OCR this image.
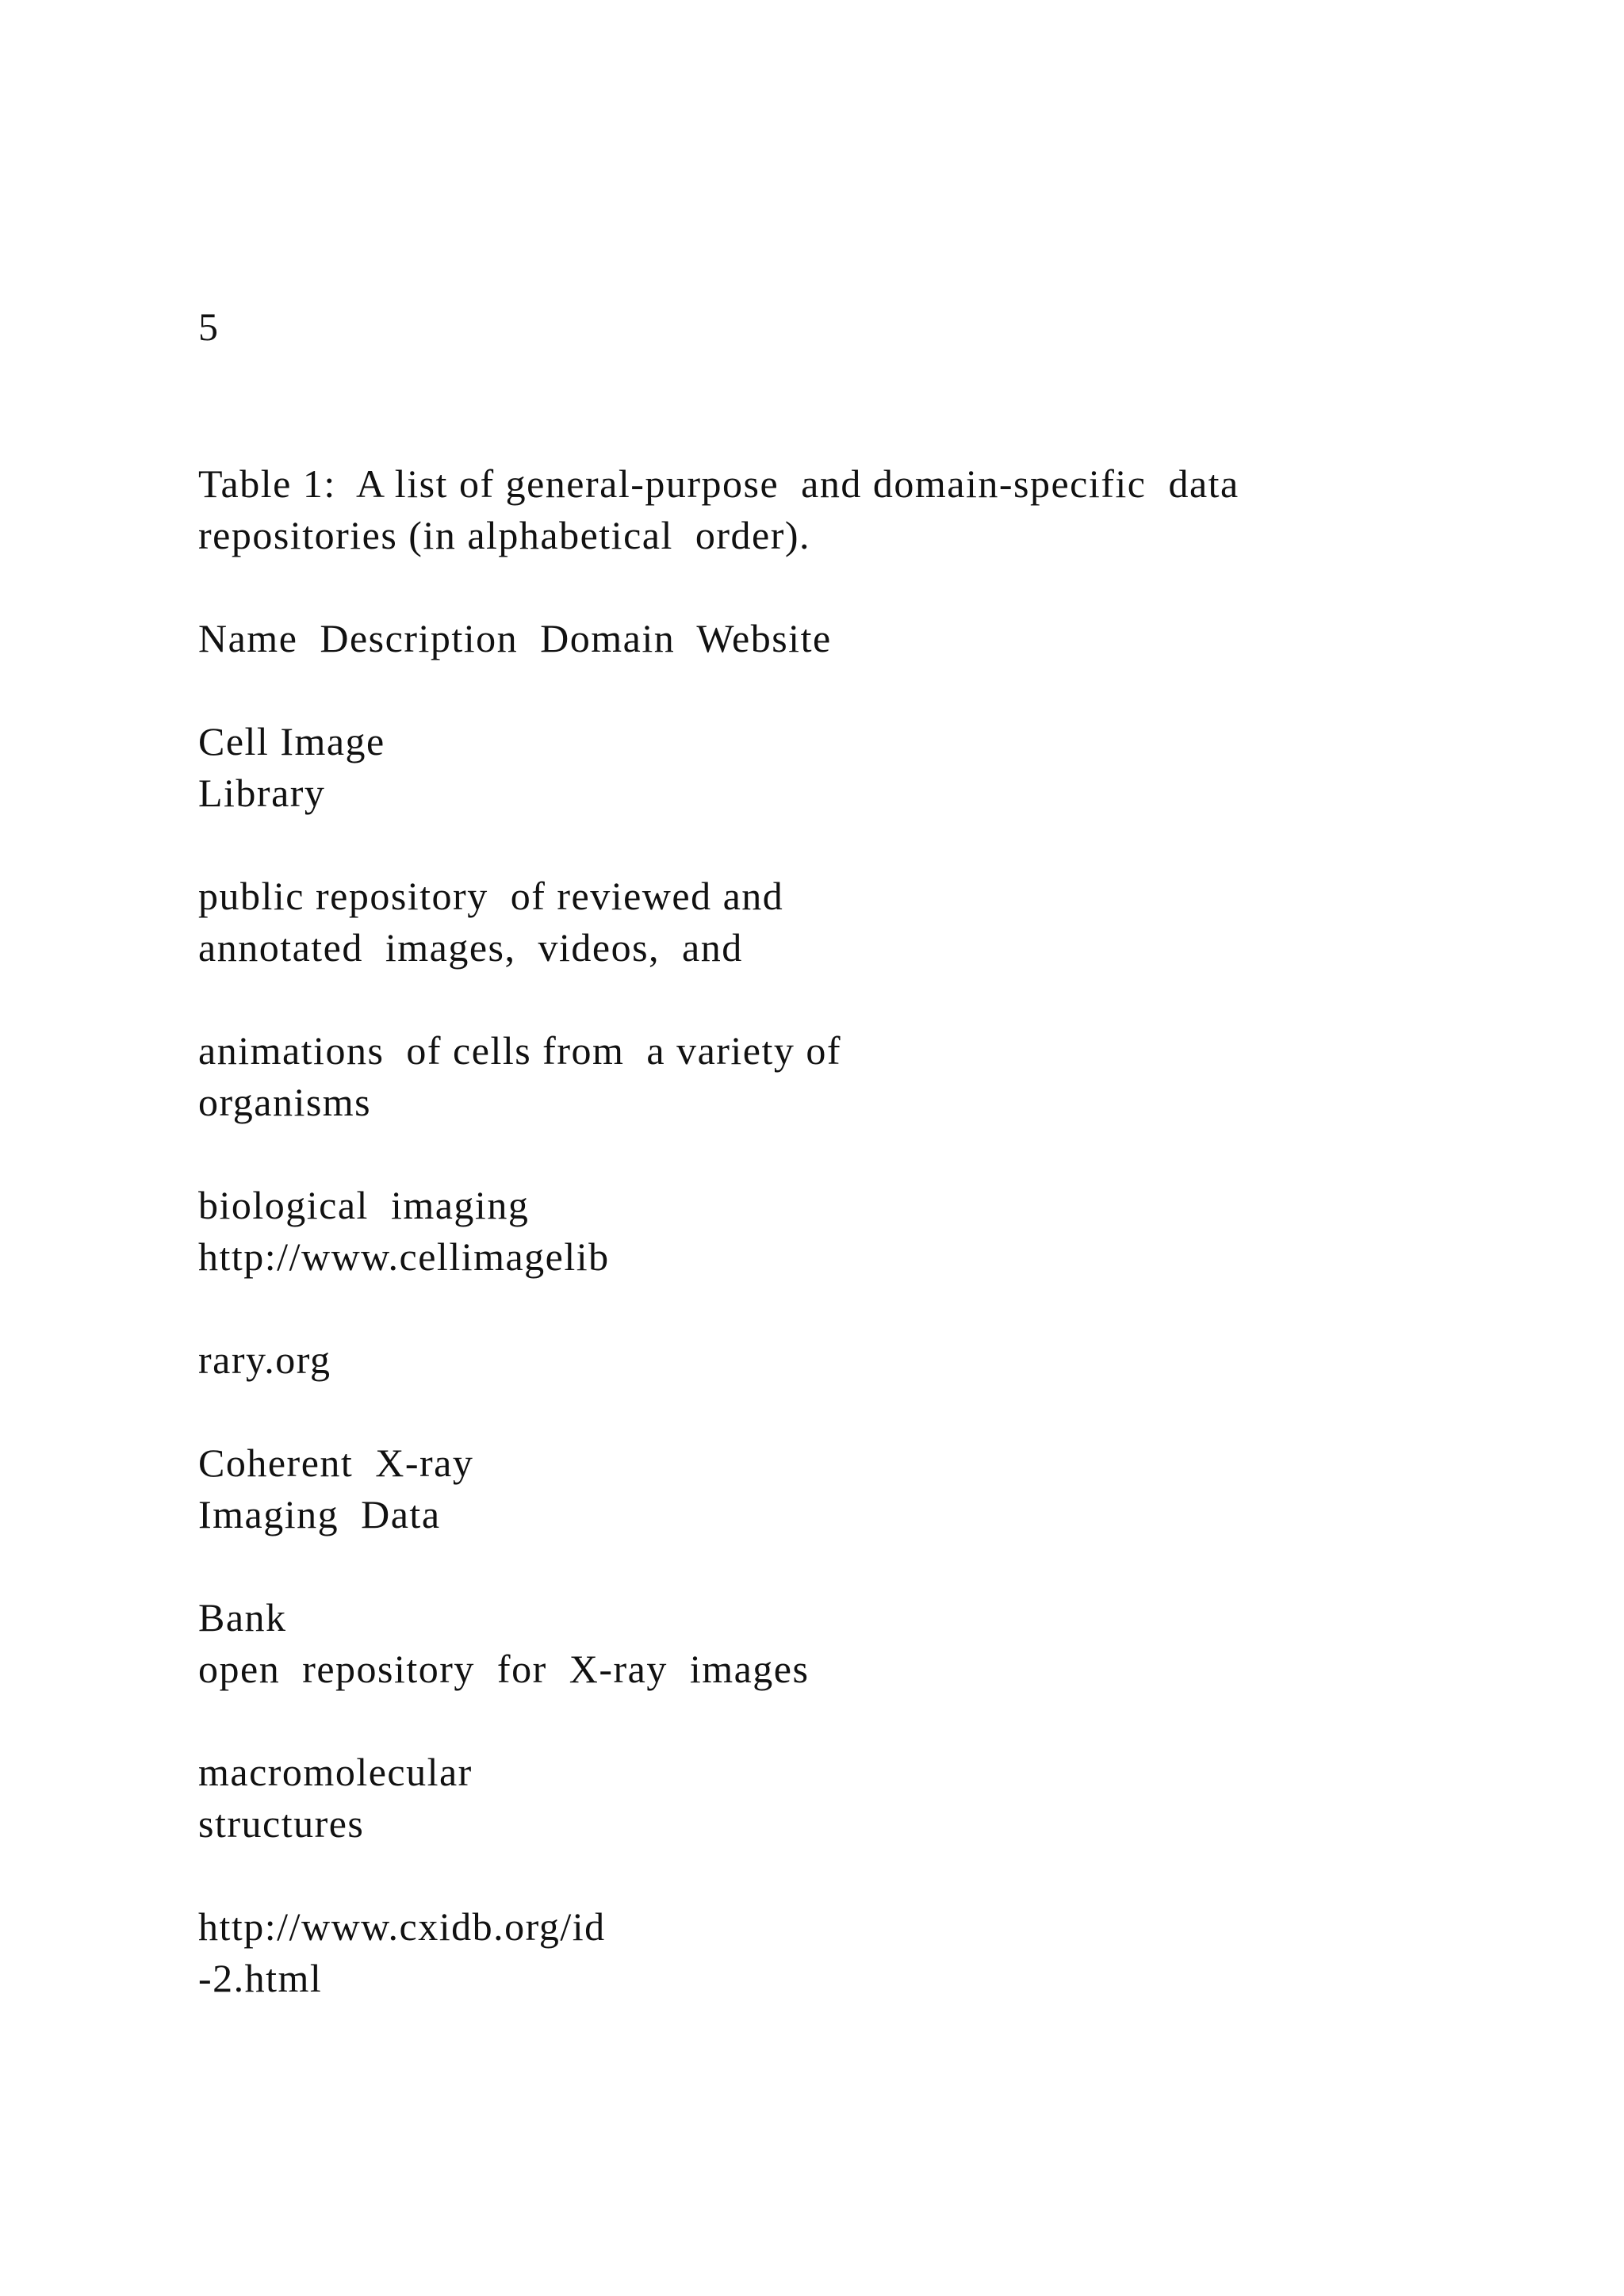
5
Table 1:  A list of general-purpose  and domain-specific  data
repositories (in alphabetical  order).
Name  Description  Domain  Website
Cell Image
Library
public repository  of reviewed and
annotated  images,  videos,  and
animations  of cells from  a variety of
organisms
biological  imaging
http://www.cellimagelib
rary.org
Coherent  X-ray
Imaging  Data
Bank
open  repository  for  X-ray  images
macromolecular
structures
http://www.cxidb.org/id
-2.html
